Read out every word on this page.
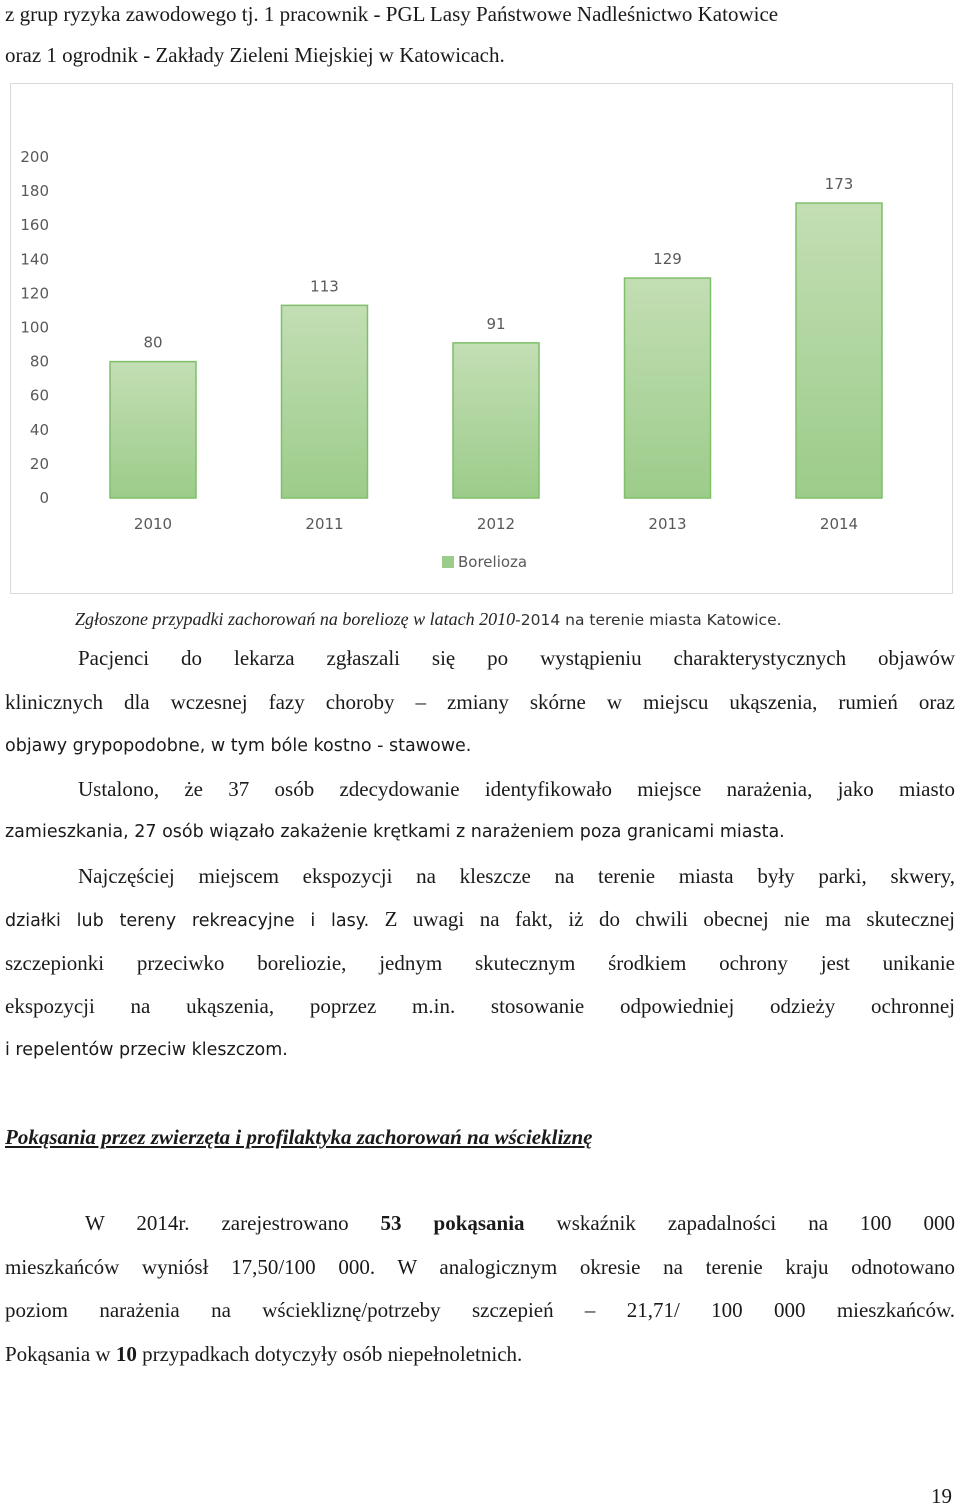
z grup ryzyka zawodowego tj. 1 pracownik - PGL Lasy Państwowe Nadleśnictwo Katowice
oraz 1 ogrodnik - Zakłady Zieleni Miejskiej w Katowicach.
0
20
40
60
80
100
120
140
160
180
200
80
113
91
129
173
2010	2011	2012	2013	2014
Borelioza
Zgłoszone przypadki zachorowań na boreliozę w latach 2010-2014 na terenie miasta Katowice.
Pacjenci do lekarza zgłaszali się po wystąpieniu charakterystycznych objawów
klinicznych dla wczesnej fazy choroby – zmiany skórne w miejscu ukąszenia, rumień oraz
objawy grypopodobne, w tym bóle kostno - stawowe.
Ustalono, że 37 osób zdecydowanie identyfikowało miejsce narażenia, jako miasto
zamieszkania, 27 osób wiązało zakażenie krętkami z narażeniem poza granicami miasta.
Najczęściej miejscem ekspozycji na kleszcze na terenie miasta były parki, skwery,
działki lub tereny rekreacyjne i lasy. Z uwagi na fakt, iż do chwili obecnej nie ma skutecznej
szczepionki przeciwko boreliozie, jednym skutecznym środkiem ochrony jest unikanie
ekspozycji na ukąszenia, poprzez m.in. stosowanie odpowiedniej odzieży ochronnej
i repelentów przeciw kleszczom.
Pokąsania przez zwierzęta i profilaktyka zachorowań na wściekliznę
W 2014r. zarejestrowano 53 pokąsania wskaźnik zapadalności na 100 000
mieszkańców wyniósł 17,50/100 000. W analogicznym okresie na terenie kraju odnotowano
poziom narażenia na wściekliznę/potrzeby szczepień – 21,71/ 100 000 mieszkańców.
Pokąsania w 10 przypadkach dotyczyły osób niepełnoletnich.
19
